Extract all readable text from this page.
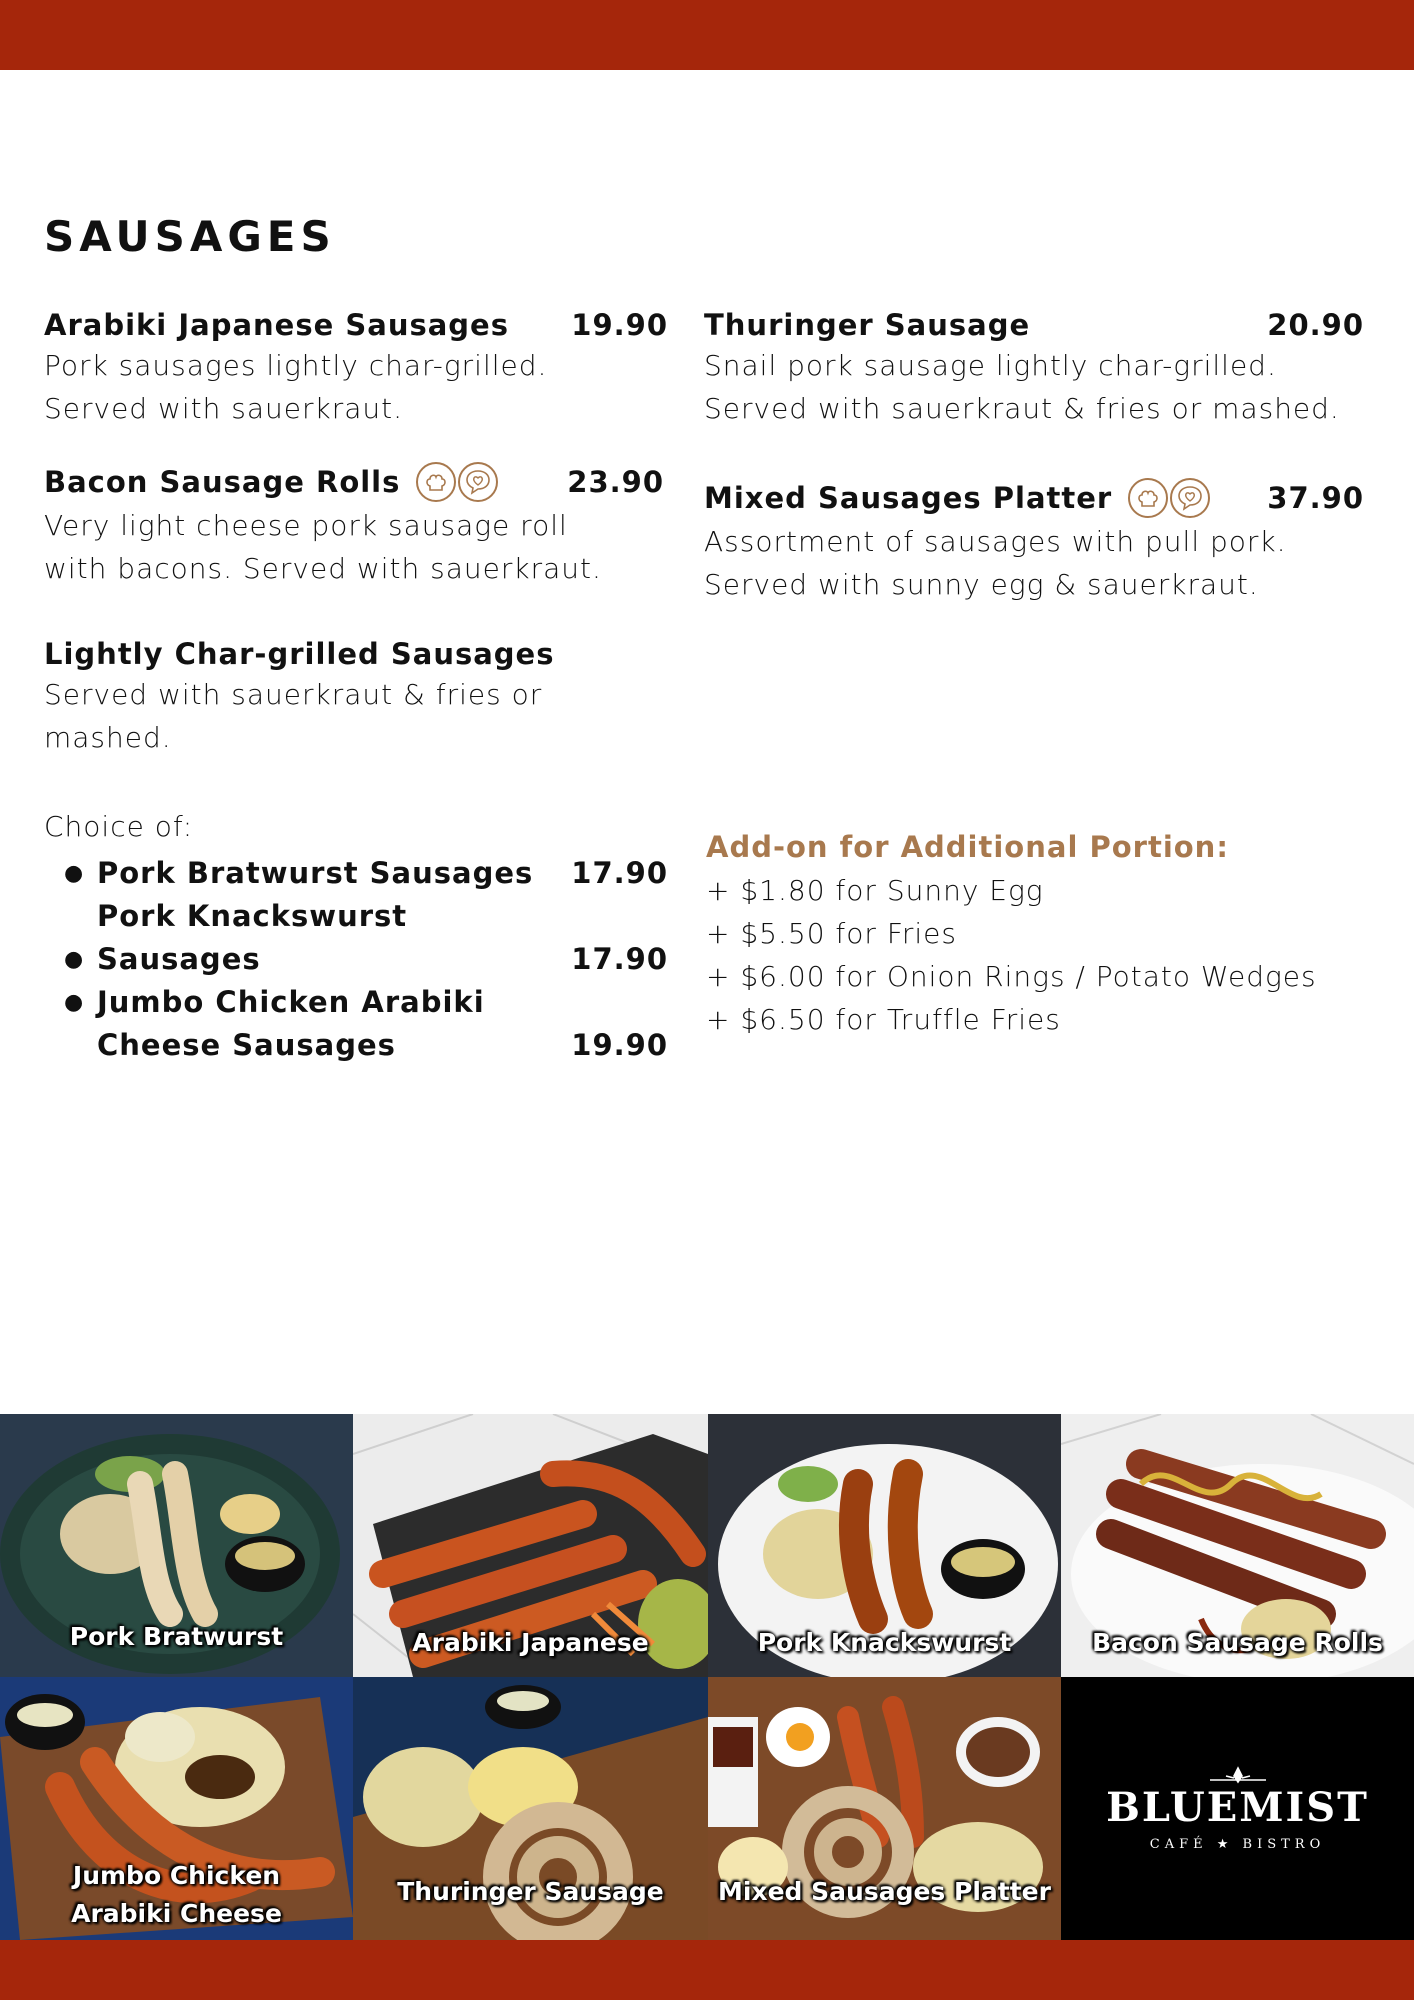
SAUSAGES
Arabiki Japanese Sausages 19.90
Pork sausages lightly char-grilled.
Served with sauerkraut.
Bacon Sausage Rolls	23.90
Very light cheese pork sausage roll
with bacons. Served with sauerkraut.
Lightly Char-grilled Sausages
Served with sauerkraut & fries or
mashed.
Thuringer Sausage	20.90
Snail pork sausage lightly char-grilled.
Served with sauerkraut & fries or mashed.
Mixed Sausages Platter	37.90
Assortment of sausages with pull pork.
Served with sunny egg & sauerkraut.
Choice of:
● Pork Bratwurst Sausages 17.90
●
Pork Knackswurst Sausages	17.90
● Jumbo Chicken Arabiki
Cheese Sausages	19.90
Add-on for Additional Portion:
+ $1.80 for Sunny Egg
+ $5.50 for Fries
+ $6.00 for Onion Rings / Potato Wedges
+ $6.50 for Truffle Fries
Pork Bratwurst	Arabiki Japanese	Pork Knackswurst	Bacon Sausage Rolls
Jumbo Chicken
Arabiki Cheese
Thuringer Sausage	Mixed Sausages Platter
BLUEMIST
CAFÉ ★ BISTRO
